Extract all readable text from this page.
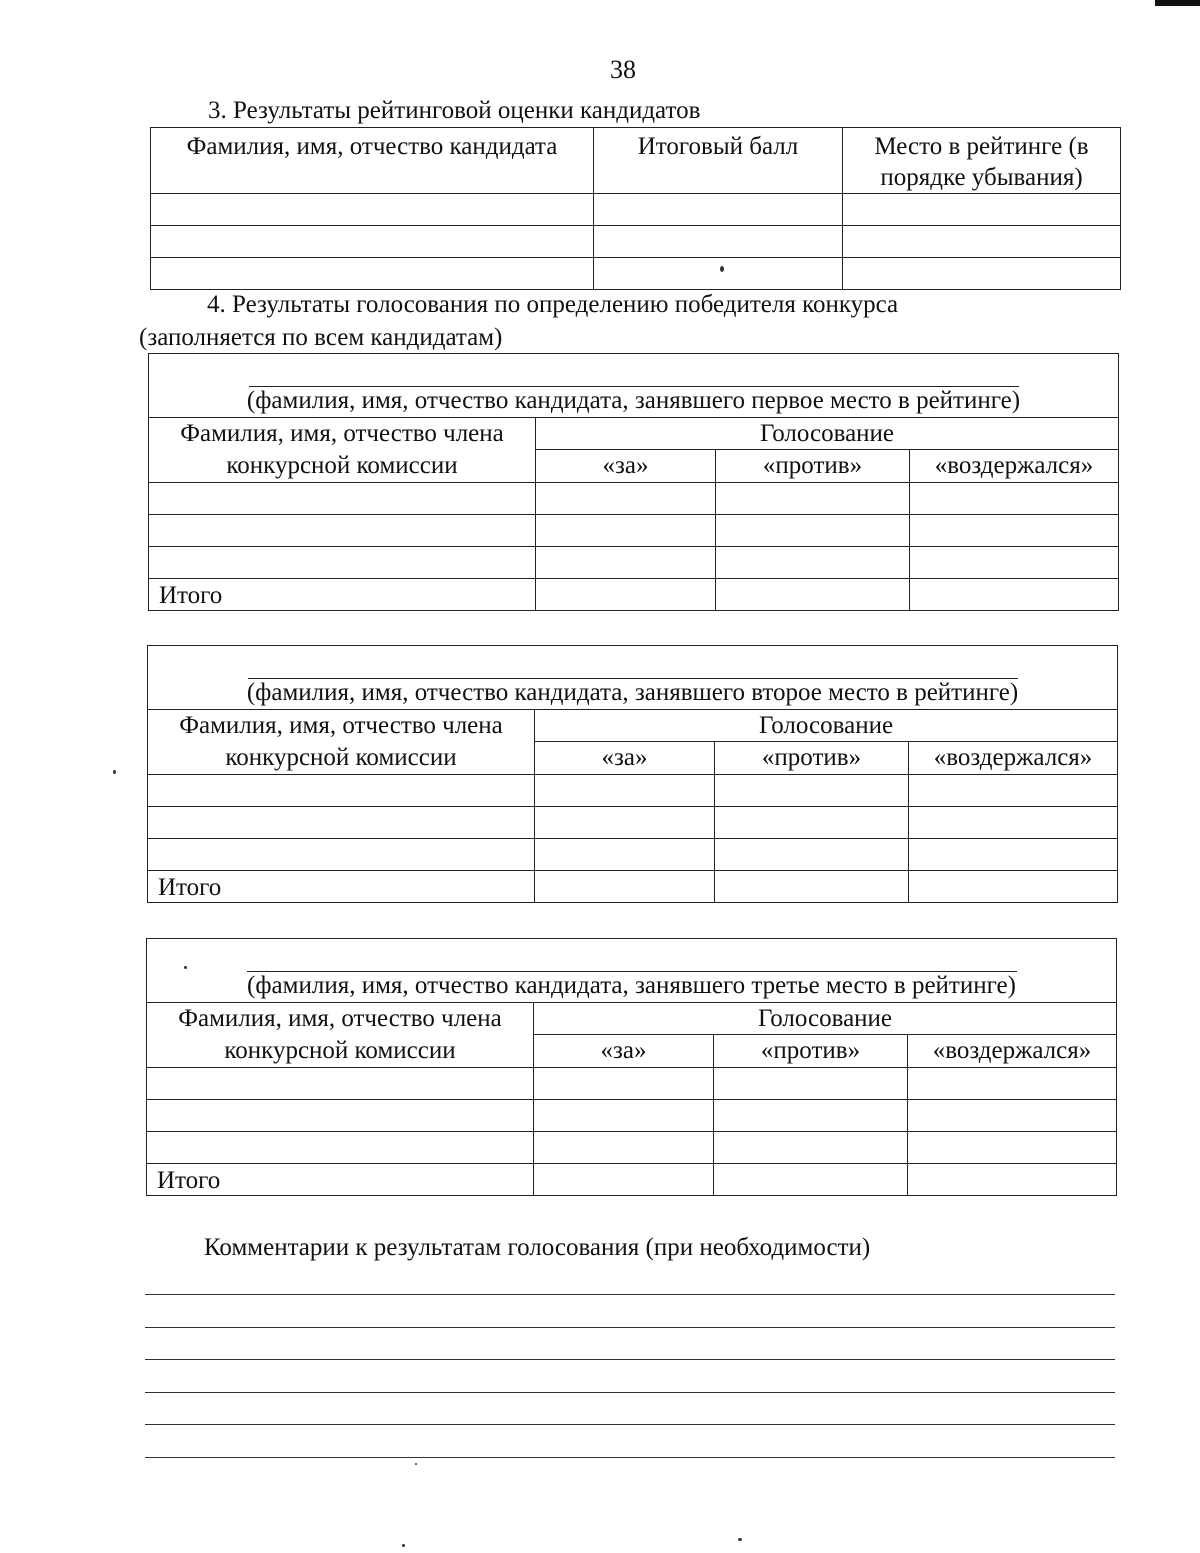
38
3. Результаты рейтинговой оценки кандидатов
Фамилия, имя, отчество кандидата	Итоговый балл	Место в рейтинге (в порядке убывания)

4. Результаты голосования по определению победителя конкурса
(заполняется по всем кандидатам)
(фамилия, имя, отчество кандидата, занявшего первое место в рейтинге)			

Фамилия, имя, отчество члена конкурсной комиссии	Голосование		
	«за»	«против»	«воздержался»

Итого			
(фамилия, имя, отчество кандидата, занявшего второе место в рейтинге)			

Фамилия, имя, отчество члена конкурсной комиссии	Голосование		
	«за»	«против»	«воздержался»

Итого			
(фамилия, имя, отчество кандидата, занявшего третье место в рейтинге)			

Фамилия, имя, отчество члена конкурсной комиссии	Голосование		
	«за»	«против»	«воздержался»

Итого			
Комментарии к результатам голосования (при необходимости)
